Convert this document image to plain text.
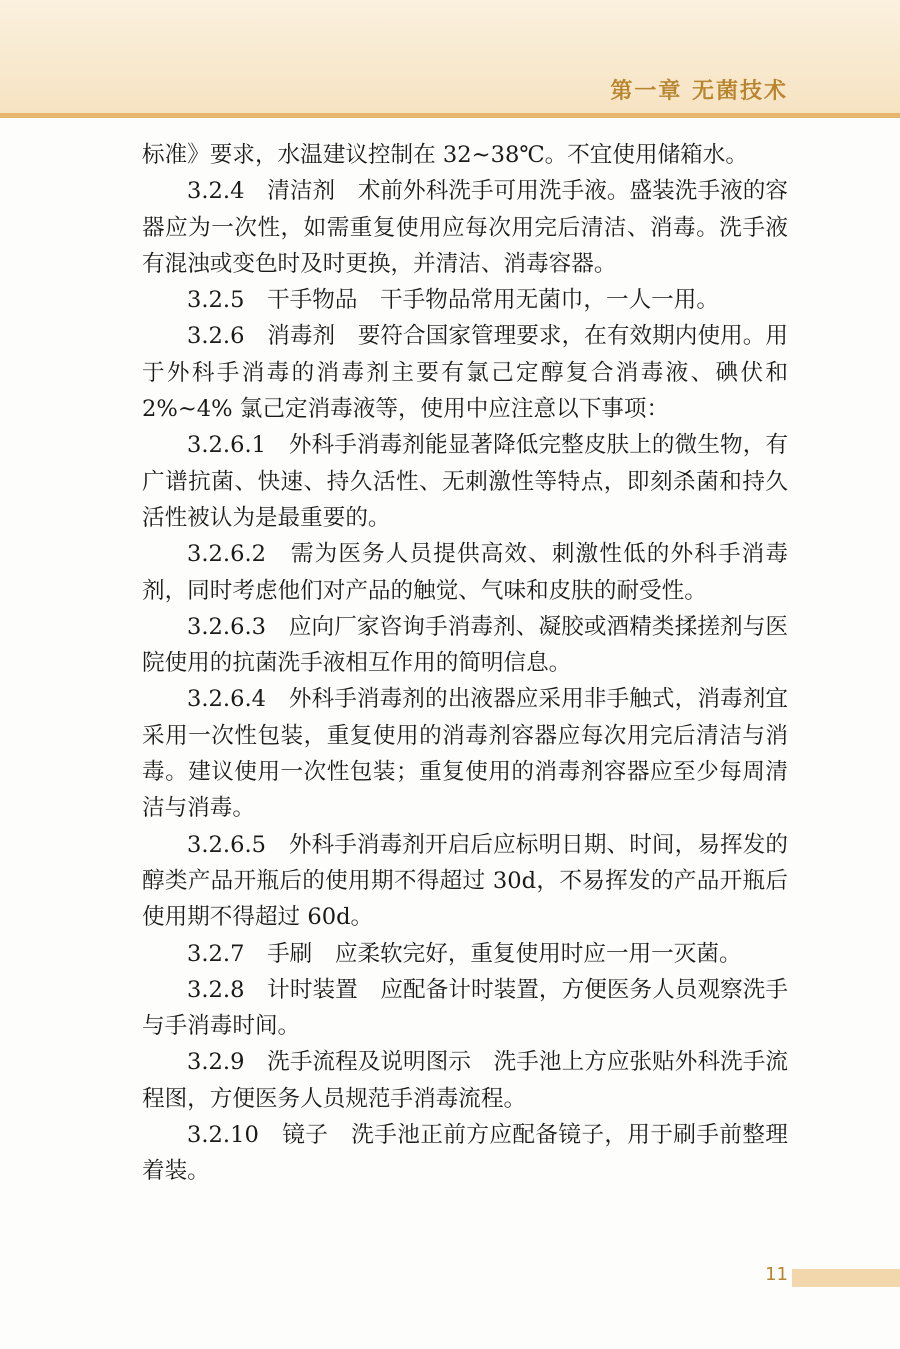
第一章 无菌技术

标准》要求，水温建议控制在 32~38℃。不宜使用储箱水。

3.2.4　清洁剂　术前外科洗手可用洗手液。盛装洗手液的容器应为一次性，如需重复使用应每次用完后清洁、消毒。洗手液有混浊或变色时及时更换，并清洁、消毒容器。

3.2.5　干手物品　干手物品常用无菌巾，一人一用。

3.2.6　消毒剂　要符合国家管理要求，在有效期内使用。用于外科手消毒的消毒剂主要有氯己定醇复合消毒液、碘伏和 2%~4% 氯己定消毒液等，使用中应注意以下事项：

3.2.6.1　外科手消毒剂能显著降低完整皮肤上的微生物，有广谱抗菌、快速、持久活性、无刺激性等特点，即刻杀菌和持久活性被认为是最重要的。

3.2.6.2　需为医务人员提供高效、刺激性低的外科手消毒剂，同时考虑他们对产品的触觉、气味和皮肤的耐受性。

3.2.6.3　应向厂家咨询手消毒剂、凝胶或酒精类揉搓剂与医院使用的抗菌洗手液相互作用的简明信息。

3.2.6.4　外科手消毒剂的出液器应采用非手触式，消毒剂宜采用一次性包装，重复使用的消毒剂容器应每次用完后清洁与消毒。建议使用一次性包装；重复使用的消毒剂容器应至少每周清洁与消毒。

3.2.6.5　外科手消毒剂开启后应标明日期、时间，易挥发的醇类产品开瓶后的使用期不得超过 30d，不易挥发的产品开瓶后使用期不得超过 60d。

3.2.7　手刷　应柔软完好，重复使用时应一用一灭菌。

3.2.8　计时装置　应配备计时装置，方便医务人员观察洗手与手消毒时间。

3.2.9　洗手流程及说明图示　洗手池上方应张贴外科洗手流程图，方便医务人员规范手消毒流程。

3.2.10　镜子　洗手池正前方应配备镜子，用于刷手前整理着装。

11
